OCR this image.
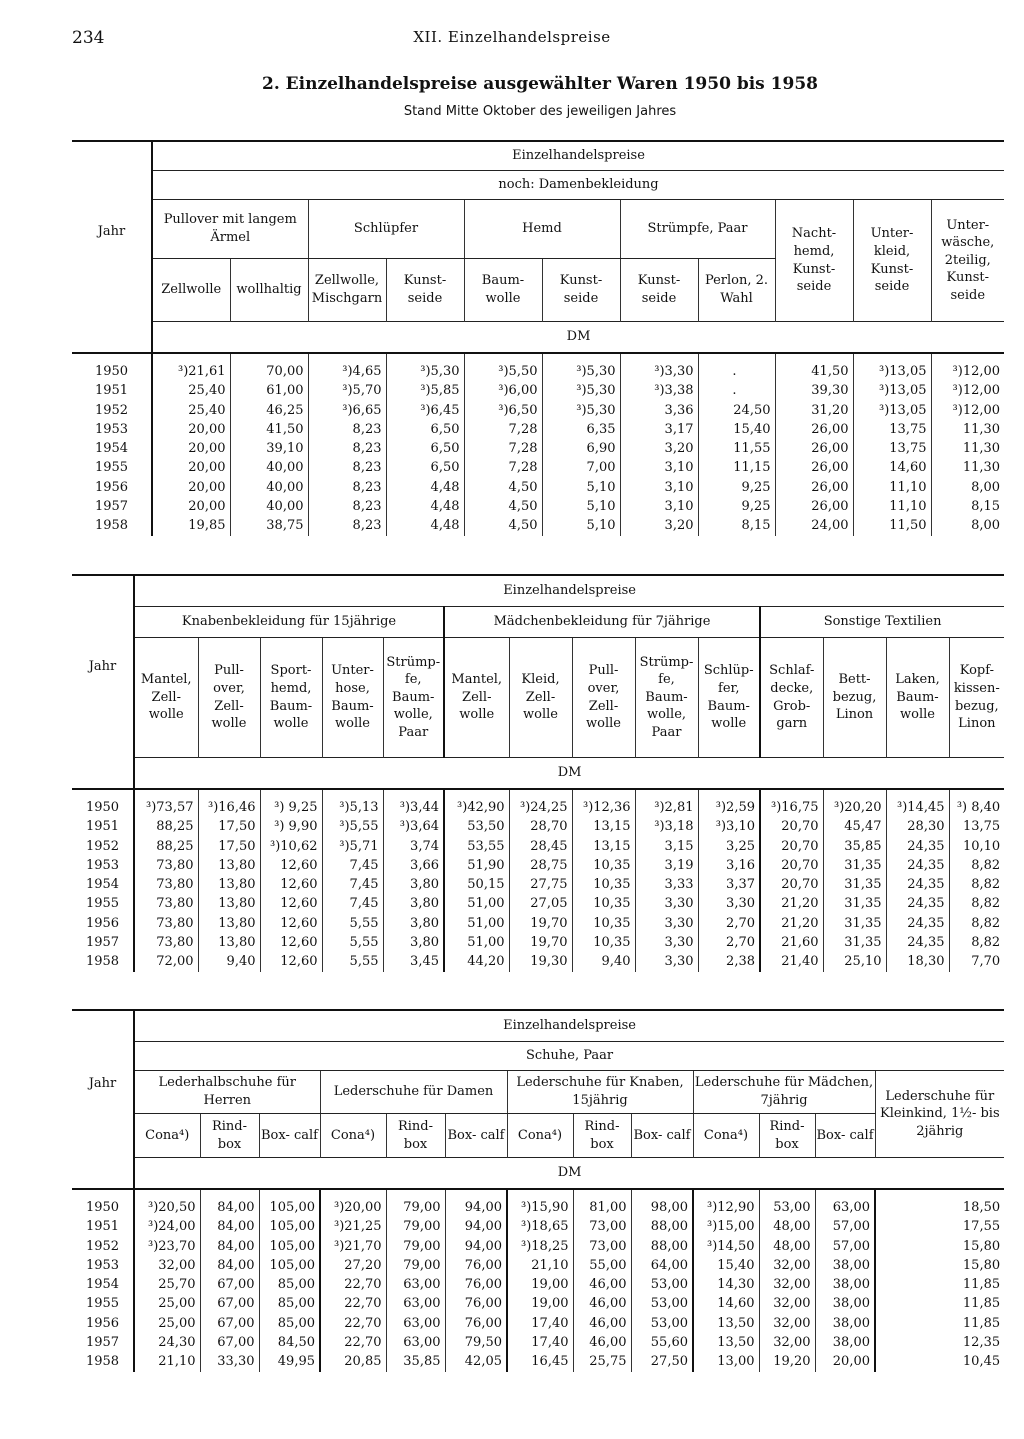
234	XII. Einzelhandelspreise
2. Einzelhandelspreise ausgewählter Waren 1950 bis 1958
Stand Mitte Oktober des jeweiligen Jahres
Jahr	Einzelhandelspreise										
	noch: Damenbekleidung										
	Pullover mit langem Ärmel		Schlüpfer		Hemd		Strümpfe, Paar		Nacht- hemd, Kunst- seide	Unter- kleid, Kunst- seide	Unter- wäsche, 2teilig, Kunst- seide
	Zellwolle	wollhaltig	Zellwolle, Mischgarn	Kunst- seide	Baum- wolle	Kunst- seide	Kunst- seide	Perlon, 2. Wahl			
	DM										

1950	³)21,61	70,00	³)4,65	³)5,30	³)5,50	³)5,30	³)3,30	.	41,50	³)13,05	³)12,00
1951	25,40	61,00	³)5,70	³)5,85	³)6,00	³)5,30	³)3,38	.	39,30	³)13,05	³)12,00
1952	25,40	46,25	³)6,65	³)6,45	³)6,50	³)5,30	3,36	24,50	31,20	³)13,05	³)12,00
1953	20,00	41,50	8,23	6,50	7,28	6,35	3,17	15,40	26,00	13,75	11,30
1954	20,00	39,10	8,23	6,50	7,28	6,90	3,20	11,55	26,00	13,75	11,30
1955	20,00	40,00	8,23	6,50	7,28	7,00	3,10	11,15	26,00	14,60	11,30
1956	20,00	40,00	8,23	4,48	4,50	5,10	3,10	9,25	26,00	11,10	8,00
1957	20,00	40,00	8,23	4,48	4,50	5,10	3,10	9,25	26,00	11,10	8,15
1958	19,85	38,75	8,23	4,48	4,50	5,10	3,20	8,15	24,00	11,50	8,00
Jahr	Einzelhandelspreise													
	Knabenbekleidung für 15jährige					Mädchenbekleidung für 7jährige					Sonstige Textilien			
	Mantel, Zell- wolle	Pull- over, Zell- wolle	Sport- hemd, Baum- wolle	Unter- hose, Baum- wolle	Strümp- fe, Baum- wolle, Paar	Mantel, Zell- wolle	Kleid, Zell- wolle	Pull- over, Zell- wolle	Strümp- fe, Baum- wolle, Paar	Schlüp- fer, Baum- wolle	Schlaf- decke, Grob- garn	Bett- bezug, Linon	Laken, Baum- wolle	Kopf- kissen- bezug, Linon
	DM													

1950	³)73,57	³)16,46	³) 9,25	³)5,13	³)3,44	³)42,90	³)24,25	³)12,36	³)2,81	³)2,59	³)16,75	³)20,20	³)14,45	³) 8,40
1951	88,25	17,50	³) 9,90	³)5,55	³)3,64	53,50	28,70	13,15	³)3,18	³)3,10	20,70	45,47	28,30	13,75
1952	88,25	17,50	³)10,62	³)5,71	3,74	53,55	28,45	13,15	3,15	3,25	20,70	35,85	24,35	10,10
1953	73,80	13,80	12,60	7,45	3,66	51,90	28,75	10,35	3,19	3,16	20,70	31,35	24,35	8,82
1954	73,80	13,80	12,60	7,45	3,80	50,15	27,75	10,35	3,33	3,37	20,70	31,35	24,35	8,82
1955	73,80	13,80	12,60	7,45	3,80	51,00	27,05	10,35	3,30	3,30	21,20	31,35	24,35	8,82
1956	73,80	13,80	12,60	5,55	3,80	51,00	19,70	10,35	3,30	2,70	21,20	31,35	24,35	8,82
1957	73,80	13,80	12,60	5,55	3,80	51,00	19,70	10,35	3,30	2,70	21,60	31,35	24,35	8,82
1958	72,00	9,40	12,60	5,55	3,45	44,20	19,30	9,40	3,30	2,38	21,40	25,10	18,30	7,70
Jahr	Einzelhandelspreise												
	Schuhe, Paar												
	Lederhalbschuhe für Herren			Lederschuhe für Damen			Lederschuhe für Knaben, 15jährig			Lederschuhe für Mädchen, 7jährig			Lederschuhe für Kleinkind, 1½- bis 2jährig
	Cona⁴)	Rind- box	Box- calf	Cona⁴)	Rind- box	Box- calf	Cona⁴)	Rind- box	Box- calf	Cona⁴)	Rind- box	Box- calf	
	DM												

1950	³)20,50	84,00	105,00	³)20,00	79,00	94,00	³)15,90	81,00	98,00	³)12,90	53,00	63,00	18,50
1951	³)24,00	84,00	105,00	³)21,25	79,00	94,00	³)18,65	73,00	88,00	³)15,00	48,00	57,00	17,55
1952	³)23,70	84,00	105,00	³)21,70	79,00	94,00	³)18,25	73,00	88,00	³)14,50	48,00	57,00	15,80
1953	32,00	84,00	105,00	27,20	79,00	76,00	21,10	55,00	64,00	15,40	32,00	38,00	15,80
1954	25,70	67,00	85,00	22,70	63,00	76,00	19,00	46,00	53,00	14,30	32,00	38,00	11,85
1955	25,00	67,00	85,00	22,70	63,00	76,00	19,00	46,00	53,00	14,60	32,00	38,00	11,85
1956	25,00	67,00	85,00	22,70	63,00	76,00	17,40	46,00	53,00	13,50	32,00	38,00	11,85
1957	24,30	67,00	84,50	22,70	63,00	79,50	17,40	46,00	55,60	13,50	32,00	38,00	12,35
1958	21,10	33,30	49,95	20,85	35,85	42,05	16,45	25,75	27,50	13,00	19,20	20,00	10,45
